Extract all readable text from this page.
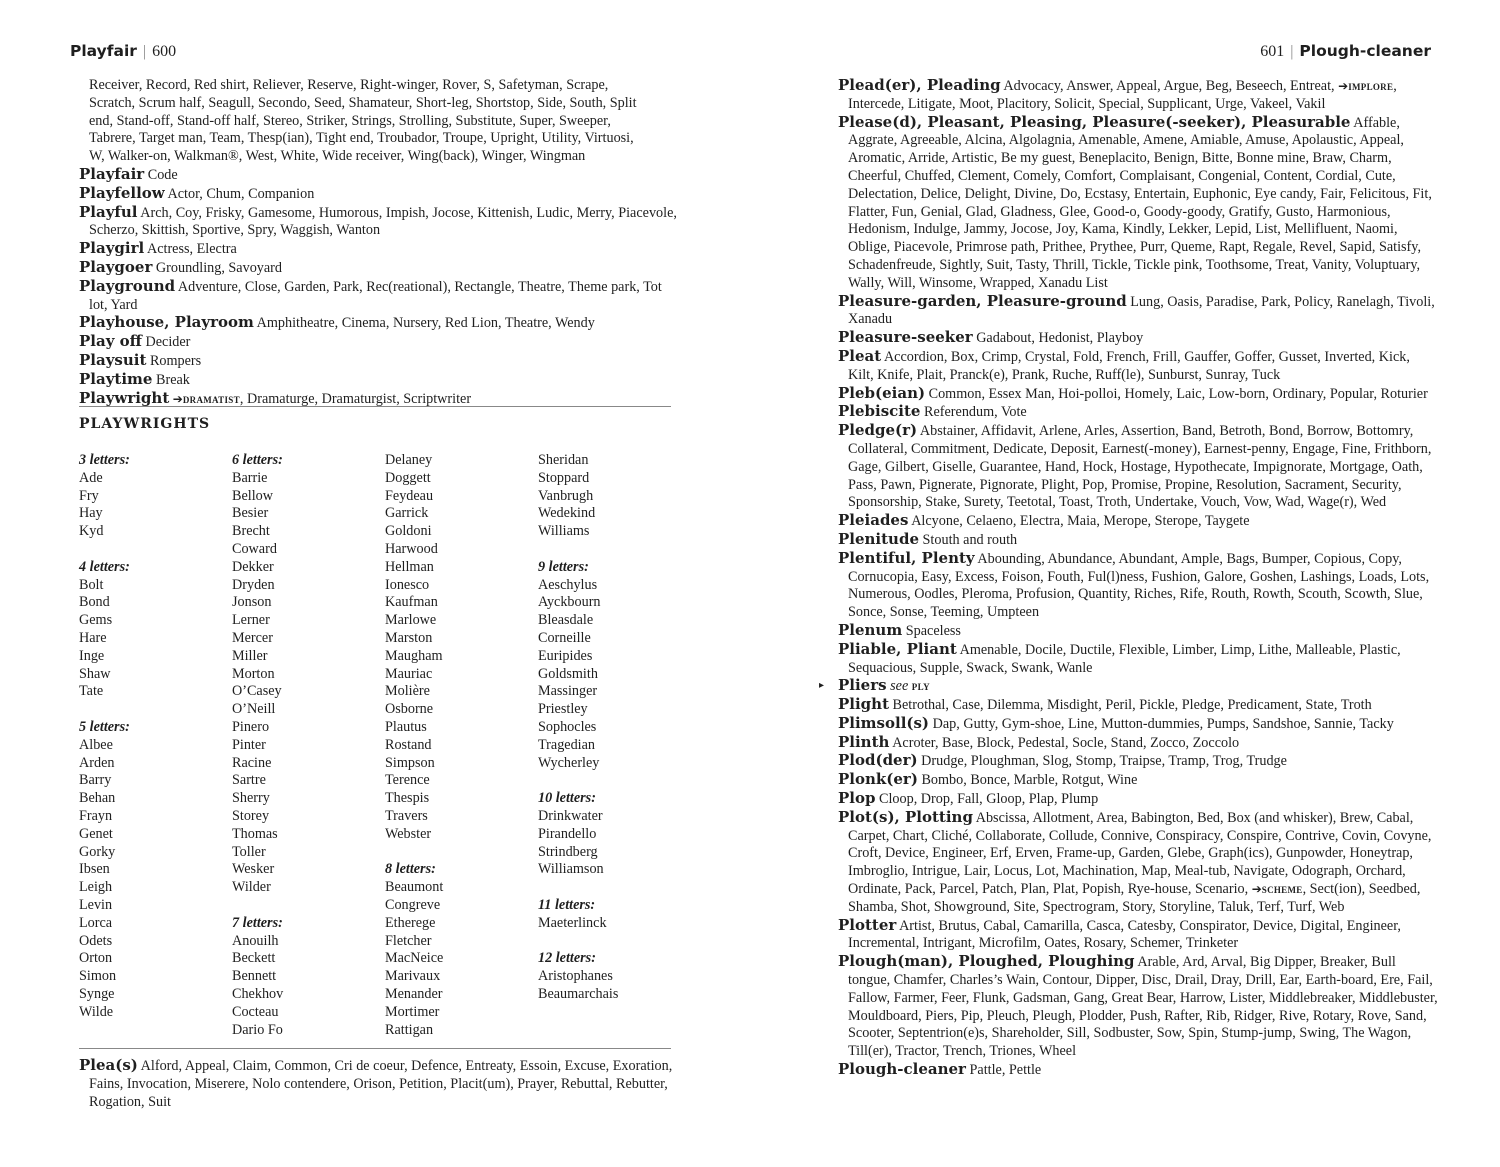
Playfair | 600
Receiver, Record, Red shirt, Reliever, Reserve, Right-winger, Rover, S, Safetyman, Scrape,
Scratch, Scrum half, Seagull, Secondo, Seed, Shamateur, Short-leg, Shortstop, Side, South, Split
end, Stand-off, Stand-off half, Stereo, Striker, Strings, Strolling, Substitute, Super, Sweeper,
Tabrere, Target man, Team, Thesp(ian), Tight end, Troubador, Troupe, Upright, Utility, Virtuosi,
W, Walker-on, Walkman®, West, White, Wide receiver, Wing(back), Winger, Wingman

Playfair Code

Playfellow Actor, Chum, Companion

Playful Arch, Coy, Frisky, Gamesome, Humorous, Impish, Jocose, Kittenish, Ludic, Merry, Piacevole, Scherzo, Skittish, Sportive, Spry, Waggish, Wanton

Playgirl Actress, Electra

Playgoer Groundling, Savoyard

Playground Adventure, Close, Garden, Park, Rec(reational), Rectangle, Theatre, Theme park, Tot lot, Yard

Playhouse, Playroom Amphitheatre, Cinema, Nursery, Red Lion, Theatre, Wendy

Play off Decider

Playsuit Rompers

Playtime Break

Playwright ➔dramatist, Dramaturge, Dramaturgist, Scriptwriter

PLAYWRIGHTS
3 letters:
Ade
Fry
Hay
Kyd
4 letters:
Bolt
Bond
Gems
Hare
Inge
Shaw
Tate
5 letters:
Albee
Arden
Barry
Behan
Frayn
Genet
Gorky
Ibsen
Leigh
Levin
Lorca
Odets
Orton
Simon
Synge
Wilde
6 letters:
Barrie
Bellow
Besier
Brecht
Coward
Dekker
Dryden
Jonson
Lerner
Mercer
Miller
Morton
O’Casey
O’Neill
Pinero
Pinter
Racine
Sartre
Sherry
Storey
Thomas
Toller
Wesker
Wilder
7 letters:
Anouilh
Beckett
Bennett
Chekhov
Cocteau
Dario Fo
Delaney
Doggett
Feydeau
Garrick
Goldoni
Harwood
Hellman
Ionesco
Kaufman
Marlowe
Marston
Maugham
Mauriac
Molière
Osborne
Plautus
Rostand
Simpson
Terence
Thespis
Travers
Webster
8 letters:
Beaumont
Congreve
Etherege
Fletcher
MacNeice
Marivaux
Menander
Mortimer
Rattigan
Sheridan
Stoppard
Vanbrugh
Wedekind
Williams
9 letters:
Aeschylus
Ayckbourn
Bleasdale
Corneille
Euripides
Goldsmith
Massinger
Priestley
Sophocles
Tragedian
Wycherley
10 letters:
Drinkwater
Pirandello
Strindberg
Williamson
11 letters:
Maeterlinck
12 letters:
Aristophanes
Beaumarchais

Plea(s) Alford, Appeal, Claim, Common, Cri de coeur, Defence, Entreaty, Essoin, Excuse, Exoration, Fains, Invocation, Miserere, Nolo contendere, Orison, Petition, Placit(um), Prayer, Rebuttal, Rebutter, Rogation, Suit

601 | Plough-cleaner

Plead(er), Pleading Advocacy, Answer, Appeal, Argue, Beg, Beseech, Entreat, ➔implore, Intercede, Litigate, Moot, Placitory, Solicit, Special, Supplicant, Urge, Vakeel, Vakil

Please(d), Pleasant, Pleasing, Pleasure(-seeker), Pleasurable Affable, Aggrate, Agreeable, Alcina, Algolagnia, Amenable, Amene, Amiable, Amuse, Apolaustic, Appeal, Aromatic, Arride, Artistic, Be my guest, Beneplacito, Benign, Bitte, Bonne mine, Braw, Charm, Cheerful, Chuffed, Clement, Comely, Comfort, Complaisant, Congenial, Content, Cordial, Cute, Delectation, Delice, Delight, Divine, Do, Ecstasy, Entertain, Euphonic, Eye candy, Fair, Felicitous, Fit, Flatter, Fun, Genial, Glad, Gladness, Glee, Good-o, Goody-goody, Gratify, Gusto, Harmonious, Hedonism, Indulge, Jammy, Jocose, Joy, Kama, Kindly, Lekker, Lepid, List, Mellifluent, Naomi, Oblige, Piacevole, Primrose path, Prithee, Prythee, Purr, Queme, Rapt, Regale, Revel, Sapid, Satisfy, Schadenfreude, Sightly, Suit, Tasty, Thrill, Tickle, Tickle pink, Toothsome, Treat, Vanity, Voluptuary, Wally, Will, Winsome, Wrapped, Xanadu List

Pleasure-garden, Pleasure-ground Lung, Oasis, Paradise, Park, Policy, Ranelagh, Tivoli, Xanadu

Pleasure-seeker Gadabout, Hedonist, Playboy

Pleat Accordion, Box, Crimp, Crystal, Fold, French, Frill, Gauffer, Goffer, Gusset, Inverted, Kick, Kilt, Knife, Plait, Pranck(e), Prank, Ruche, Ruff(le), Sunburst, Sunray, Tuck

Pleb(eian) Common, Essex Man, Hoi-polloi, Homely, Laic, Low-born, Ordinary, Popular, Roturier

Plebiscite Referendum, Vote

Pledge(r) Abstainer, Affidavit, Arlene, Arles, Assertion, Band, Betroth, Bond, Borrow, Bottomry, Collateral, Commitment, Dedicate, Deposit, Earnest(-money), Earnest-penny, Engage, Fine, Frithborn, Gage, Gilbert, Giselle, Guarantee, Hand, Hock, Hostage, Hypothecate, Impignorate, Mortgage, Oath, Pass, Pawn, Pignerate, Pignorate, Plight, Pop, Promise, Propine, Resolution, Sacrament, Security, Sponsorship, Stake, Surety, Teetotal, Toast, Troth, Undertake, Vouch, Vow, Wad, Wage(r), Wed

Pleiades Alcyone, Celaeno, Electra, Maia, Merope, Sterope, Taygete

Plenitude Stouth and routh

Plentiful, Plenty Abounding, Abundance, Abundant, Ample, Bags, Bumper, Copious, Copy, Cornucopia, Easy, Excess, Foison, Fouth, Ful(l)ness, Fushion, Galore, Goshen, Lashings, Loads, Lots, Numerous, Oodles, Pleroma, Profusion, Quantity, Riches, Rife, Routh, Rowth, Scouth, Scowth, Slue, Sonce, Sonse, Teeming, Umpteen

Plenum Spaceless

Pliable, Pliant Amenable, Docile, Ductile, Flexible, Limber, Limp, Lithe, Malleable, Plastic, Sequacious, Supple, Swack, Swank, Wanle

▸ Pliers see ply

Plight Betrothal, Case, Dilemma, Misdight, Peril, Pickle, Pledge, Predicament, State, Troth

Plimsoll(s) Dap, Gutty, Gym-shoe, Line, Mutton-dummies, Pumps, Sandshoe, Sannie, Tacky

Plinth Acroter, Base, Block, Pedestal, Socle, Stand, Zocco, Zoccolo

Plod(der) Drudge, Ploughman, Slog, Stomp, Traipse, Tramp, Trog, Trudge

Plonk(er) Bombo, Bonce, Marble, Rotgut, Wine

Plop Cloop, Drop, Fall, Gloop, Plap, Plump

Plot(s), Plotting Abscissa, Allotment, Area, Babington, Bed, Box (and whisker), Brew, Cabal, Carpet, Chart, Cliché, Collaborate, Collude, Connive, Conspiracy, Conspire, Contrive, Covin, Covyne, Croft, Device, Engineer, Erf, Erven, Frame-up, Garden, Glebe, Graph(ics), Gunpowder, Honeytrap, Imbroglio, Intrigue, Lair, Locus, Lot, Machination, Map, Meal-tub, Navigate, Odograph, Orchard, Ordinate, Pack, Parcel, Patch, Plan, Plat, Popish, Rye-house, Scenario, ➔scheme, Sect(ion), Seedbed, Shamba, Shot, Showground, Site, Spectrogram, Story, Storyline, Taluk, Terf, Turf, Web

Plotter Artist, Brutus, Cabal, Camarilla, Casca, Catesby, Conspirator, Device, Digital, Engineer, Incremental, Intrigant, Microfilm, Oates, Rosary, Schemer, Trinketer

Plough(man), Ploughed, Ploughing Arable, Ard, Arval, Big Dipper, Breaker, Bull tongue, Chamfer, Charles’s Wain, Contour, Dipper, Disc, Drail, Dray, Drill, Ear, Earth-board, Ere, Fail, Fallow, Farmer, Feer, Flunk, Gadsman, Gang, Great Bear, Harrow, Lister, Middlebreaker, Middlebuster, Mouldboard, Piers, Pip, Pleuch, Pleugh, Plodder, Push, Rafter, Rib, Ridger, Rive, Rotary, Rove, Sand, Scooter, Septentrion(e)s, Shareholder, Sill, Sodbuster, Sow, Spin, Stump-jump, Swing, The Wagon, Till(er), Tractor, Trench, Triones, Wheel

Plough-cleaner Pattle, Pettle
